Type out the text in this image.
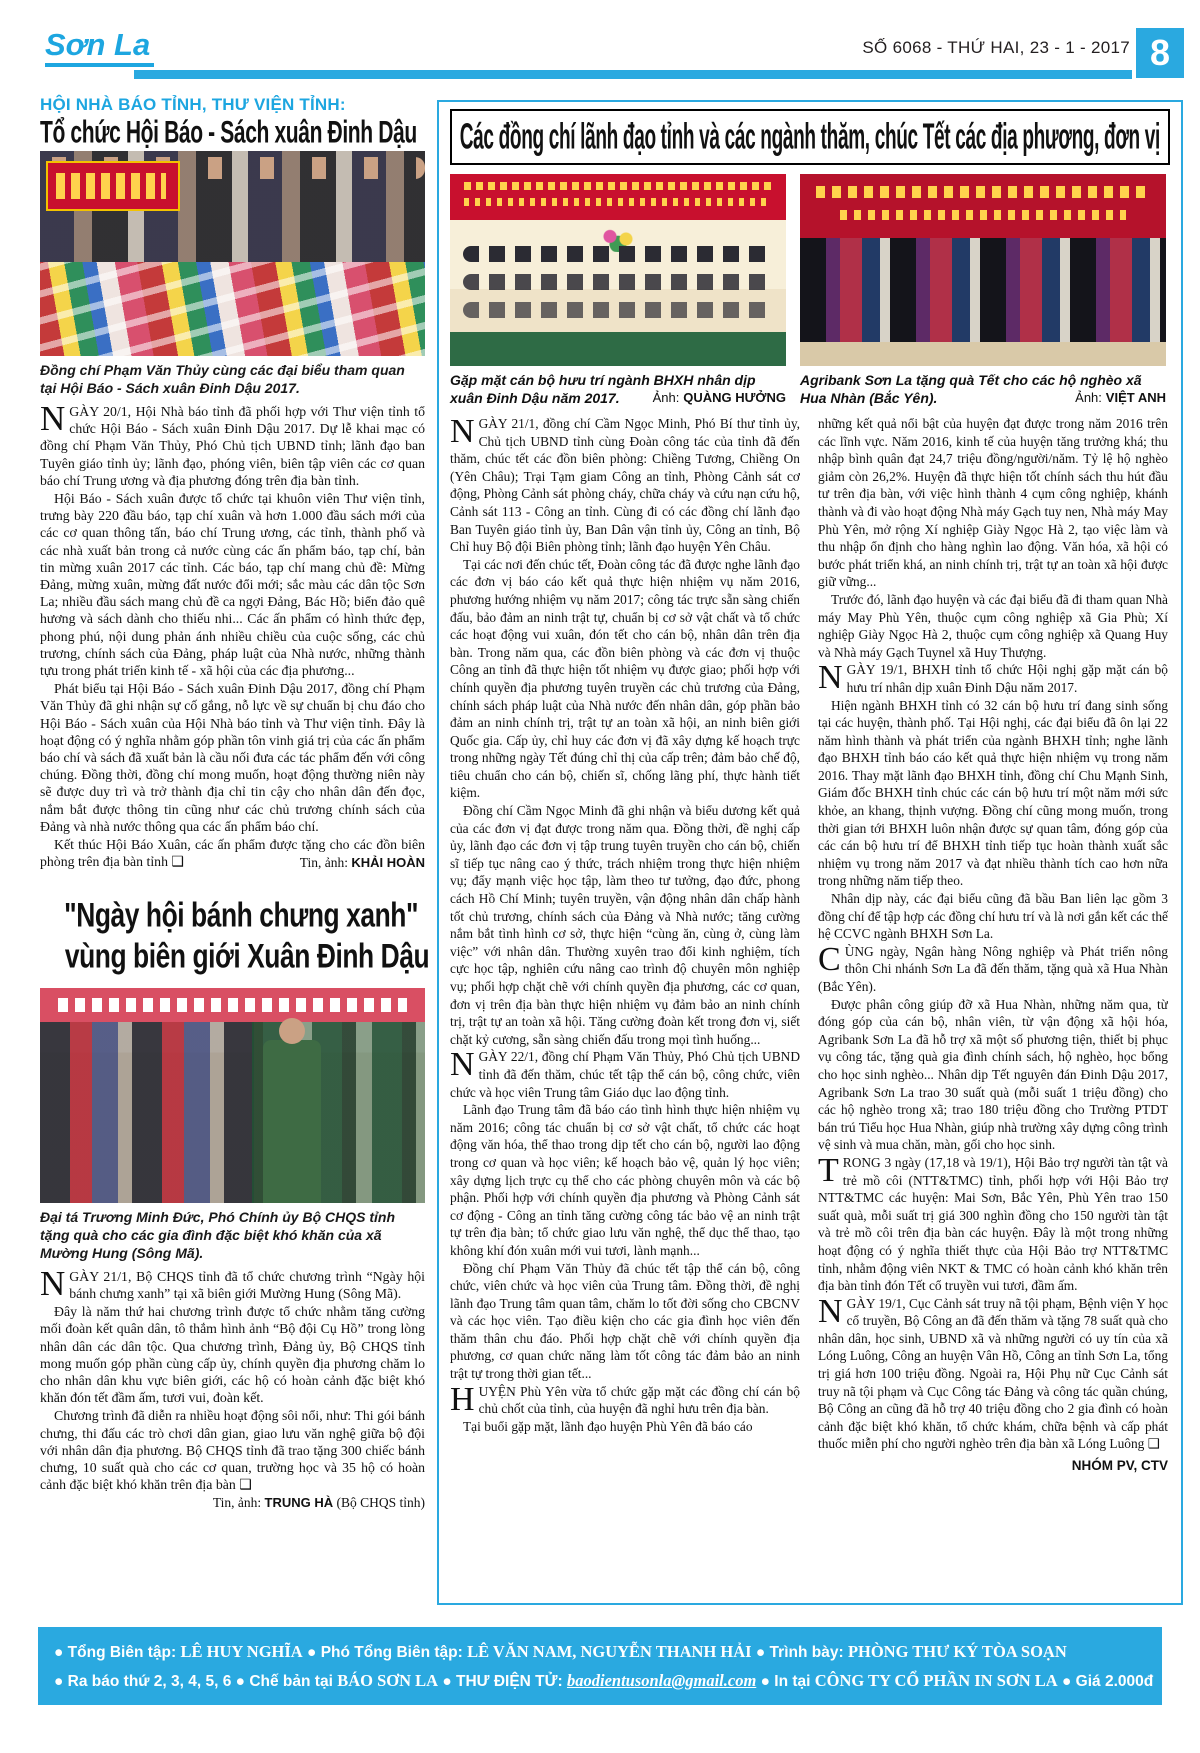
Sơn La	SỐ 6068 - THỨ HAI, 23 - 1 - 2017 8
HỘI NHÀ BÁO TỈNH, THƯ VIỆN TỈNH:
Tổ chức Hội Báo - Sách xuân Đinh Dậu
Đồng chí Phạm Văn Thủy cùng các đại biểu tham quan tại Hội Báo - Sách xuân Đinh Dậu 2017.

NGÀY 20/1, Hội Nhà báo tỉnh đã phối hợp với Thư viện tỉnh tổ chức Hội Báo - Sách xuân Đinh Dậu 2017. Dự lễ khai mạc có đồng chí Phạm Văn Thủy, Phó Chủ tịch UBND tỉnh; lãnh đạo ban Tuyên giáo tỉnh ủy; lãnh đạo, phóng viên, biên tập viên các cơ quan báo chí Trung ương và địa phương đóng trên địa bàn tỉnh.

Hội Báo - Sách xuân được tổ chức tại khuôn viên Thư viện tỉnh, trưng bày 220 đầu báo, tạp chí xuân và hơn 1.000 đầu sách mới của các cơ quan thông tấn, báo chí Trung ương, các tỉnh, thành phố và các nhà xuất bản trong cả nước cùng các ấn phẩm báo, tạp chí, bản tin mừng xuân 2017 các tỉnh. Các báo, tạp chí mang chủ đề: Mừng Đảng, mừng xuân, mừng đất nước đổi mới; sắc màu các dân tộc Sơn La; nhiều đầu sách mang chủ đề ca ngợi Đảng, Bác Hồ; biển đảo quê hương và sách dành cho thiếu nhi... Các ấn phẩm có hình thức đẹp, phong phú, nội dung phản ánh nhiều chiều của cuộc sống, các chủ trương, chính sách của Đảng, pháp luật của Nhà nước, những thành tựu trong phát triển kinh tế - xã hội của các địa phương...

Phát biểu tại Hội Báo - Sách xuân Đinh Dậu 2017, đồng chí Phạm Văn Thủy đã ghi nhận sự cố gắng, nỗ lực về sự chuẩn bị chu đáo cho Hội Báo - Sách xuân của Hội Nhà báo tỉnh và Thư viện tỉnh. Đây là hoạt động có ý nghĩa nhằm góp phần tôn vinh giá trị của các ấn phẩm báo chí và sách đã xuất bản là cầu nối đưa các tác phẩm đến với công chúng. Đồng thời, đồng chí mong muốn, hoạt động thường niên này sẽ được duy trì và trở thành địa chỉ tin cậy cho nhân dân đến đọc, nắm bắt được thông tin cũng như các chủ trương chính sách của Đảng và nhà nước thông qua các ấn phẩm báo chí.

Kết thúc Hội Báo Xuân, các ấn phẩm được tặng cho các đồn biên phòng trên địa bàn tỉnh ❑	Tin, ảnh: KHẢI HOÀN
"Ngày hội bánh chưng xanh"
vùng biên giới Xuân Đinh Dậu
Đại tá Trương Minh Đức, Phó Chính ủy Bộ CHQS tỉnh tặng quà cho các gia đình đặc biệt khó khăn của xã Mường Hung (Sông Mã).

NGÀY 21/1, Bộ CHQS tỉnh đã tổ chức chương trình “Ngày hội bánh chưng xanh” tại xã biên giới Mường Hung (Sông Mã).

Đây là năm thứ hai chương trình được tổ chức nhằm tăng cường mối đoàn kết quân dân, tô thắm hình ảnh “Bộ đội Cụ Hồ” trong lòng nhân dân các dân tộc. Qua chương trình, Đảng ủy, Bộ CHQS tỉnh mong muốn góp phần cùng cấp ủy, chính quyền địa phương chăm lo cho nhân dân khu vực biên giới, các hộ có hoàn cảnh đặc biệt khó khăn đón tết đầm ấm, tươi vui, đoàn kết.

Chương trình đã diễn ra nhiều hoạt động sôi nổi, như: Thi gói bánh chưng, thi đấu các trò chơi dân gian, giao lưu văn nghệ giữa bộ đội với nhân dân địa phương. Bộ CHQS tỉnh đã trao tặng 300 chiếc bánh chưng, 10 suất quà cho các cơ quan, trường học và 35 hộ có hoàn cảnh đặc biệt khó khăn trên địa bàn ❑

Tin, ảnh: TRUNG HÀ (Bộ CHQS tỉnh)
Các đồng chí lãnh đạo tỉnh và các ngành thăm, chúc Tết các địa phương, đơn vị
Gặp mặt cán bộ hưu trí ngành BHXH nhân dịp xuân Đinh Dậu năm 2017.	Ảnh: QUÀNG HƯỞNG
Agribank Sơn La tặng quà Tết cho các hộ nghèo xã Hua Nhàn (Bắc Yên).	Ảnh: VIỆT ANH

NGÀY 21/1, đồng chí Cầm Ngọc Minh, Phó Bí thư tỉnh ủy, Chủ tịch UBND tỉnh cùng Đoàn công tác của tỉnh đã đến thăm, chúc tết các đồn biên phòng: Chiềng Tương, Chiềng On (Yên Châu); Trại Tạm giam Công an tỉnh, Phòng Cảnh sát cơ động, Phòng Cảnh sát phòng cháy, chữa cháy và cứu nạn cứu hộ, Cảnh sát 113 - Công an tỉnh. Cùng đi có các đồng chí lãnh đạo Ban Tuyên giáo tỉnh ủy, Ban Dân vận tỉnh ủy, Công an tỉnh, Bộ Chỉ huy Bộ đội Biên phòng tỉnh; lãnh đạo huyện Yên Châu.

Tại các nơi đến chúc tết, Đoàn công tác đã được nghe lãnh đạo các đơn vị báo cáo kết quả thực hiện nhiệm vụ năm 2016, phương hướng nhiệm vụ năm 2017; công tác trực sẵn sàng chiến đấu, bảo đảm an ninh trật tự, chuẩn bị cơ sở vật chất và tổ chức các hoạt động vui xuân, đón tết cho cán bộ, nhân dân trên địa bàn. Trong năm qua, các đồn biên phòng và các đơn vị thuộc Công an tỉnh đã thực hiện tốt nhiệm vụ được giao; phối hợp với chính quyền địa phương tuyên truyền các chủ trương của Đảng, chính sách pháp luật của Nhà nước đến nhân dân, góp phần bảo đảm an ninh chính trị, trật tự an toàn xã hội, an ninh biên giới Quốc gia. Cấp ủy, chỉ huy các đơn vị đã xây dựng kế hoạch trực trong những ngày Tết đúng chỉ thị của cấp trên; đảm bảo chế độ, tiêu chuẩn cho cán bộ, chiến sĩ, chống lãng phí, thực hành tiết kiệm.

Đồng chí Cầm Ngọc Minh đã ghi nhận và biểu dương kết quả của các đơn vị đạt được trong năm qua. Đồng thời, đề nghị cấp ủy, lãnh đạo các đơn vị tập trung tuyên truyền cho cán bộ, chiến sĩ tiếp tục nâng cao ý thức, trách nhiệm trong thực hiện nhiệm vụ; đẩy mạnh việc học tập, làm theo tư tưởng, đạo đức, phong cách Hồ Chí Minh; tuyên truyền, vận động nhân dân chấp hành tốt chủ trương, chính sách của Đảng và Nhà nước; tăng cường nắm bắt tình hình cơ sở, thực hiện “cùng ăn, cùng ở, cùng làm việc” với nhân dân. Thường xuyên trao đổi kinh nghiệm, tích cực học tập, nghiên cứu nâng cao trình độ chuyên môn nghiệp vụ; phối hợp chặt chẽ với chính quyền địa phương, các cơ quan, đơn vị trên địa bàn thực hiện nhiệm vụ đảm bảo an ninh chính trị, trật tự an toàn xã hội. Tăng cường đoàn kết trong đơn vị, siết chặt kỷ cương, sẵn sàng chiến đấu trong mọi tình huống...

NGÀY 22/1, đồng chí Phạm Văn Thủy, Phó Chủ tịch UBND tỉnh đã đến thăm, chúc tết tập thể cán bộ, công chức, viên chức và học viên Trung tâm Giáo dục lao động tỉnh.

Lãnh đạo Trung tâm đã báo cáo tình hình thực hiện nhiệm vụ năm 2016; công tác chuẩn bị cơ sở vật chất, tổ chức các hoạt động văn hóa, thể thao trong dịp tết cho cán bộ, người lao động trong cơ quan và học viên; kế hoạch bảo vệ, quản lý học viên; xây dựng lịch trực cụ thể cho các phòng chuyên môn và các bộ phận. Phối hợp với chính quyền địa phương và Phòng Cảnh sát cơ động - Công an tỉnh tăng cường công tác bảo vệ an ninh trật tự trên địa bàn; tổ chức giao lưu văn nghệ, thể dục thể thao, tạo không khí đón xuân mới vui tươi, lành mạnh...

Đồng chí Phạm Văn Thủy đã chúc tết tập thể cán bộ, công chức, viên chức và học viên của Trung tâm. Đồng thời, đề nghị lãnh đạo Trung tâm quan tâm, chăm lo tốt đời sống cho CBCNV và các học viên. Tạo điều kiện cho các gia đình học viên đến thăm thân chu đáo. Phối hợp chặt chẽ với chính quyền địa phương, cơ quan chức năng làm tốt công tác đảm bảo an ninh trật tự trong thời gian tết...

HUYỆN Phù Yên vừa tổ chức gặp mặt các đồng chí cán bộ chủ chốt của tỉnh, của huyện đã nghỉ hưu trên địa bàn.

Tại buổi gặp mặt, lãnh đạo huyện Phù Yên đã báo cáo

những kết quả nổi bật của huyện đạt được trong năm 2016 trên các lĩnh vực. Năm 2016, kinh tế của huyện tăng trưởng khá; thu nhập bình quân đạt 24,7 triệu đồng/người/năm. Tỷ lệ hộ nghèo giảm còn 26,2%. Huyện đã thực hiện tốt chính sách thu hút đầu tư trên địa bàn, với việc hình thành 4 cụm công nghiệp, khánh thành và đi vào hoạt động Nhà máy Gạch tuy nen, Nhà máy May Phù Yên, mở rộng Xí nghiệp Giày Ngọc Hà 2, tạo việc làm và thu nhập ổn định cho hàng nghìn lao động. Văn hóa, xã hội có bước phát triển khá, an ninh chính trị, trật tự an toàn xã hội được giữ vững...

Trước đó, lãnh đạo huyện và các đại biểu đã đi tham quan Nhà máy May Phù Yên, thuộc cụm công nghiệp xã Gia Phù; Xí nghiệp Giày Ngọc Hà 2, thuộc cụm công nghiệp xã Quang Huy và Nhà máy Gạch Tuynel xã Huy Thượng.

NGÀY 19/1, BHXH tỉnh tổ chức Hội nghị gặp mặt cán bộ hưu trí nhân dịp xuân Đinh Dậu năm 2017.

Hiện ngành BHXH tỉnh có 32 cán bộ hưu trí đang sinh sống tại các huyện, thành phố. Tại Hội nghị, các đại biểu đã ôn lại 22 năm hình thành và phát triển của ngành BHXH tỉnh; nghe lãnh đạo BHXH tỉnh báo cáo kết quả thực hiện nhiệm vụ trong năm 2016. Thay mặt lãnh đạo BHXH tỉnh, đồng chí Chu Mạnh Sinh, Giám đốc BHXH tỉnh chúc các cán bộ hưu trí một năm mới sức khỏe, an khang, thịnh vượng. Đồng chí cũng mong muốn, trong thời gian tới BHXH luôn nhận được sự quan tâm, đóng góp của các cán bộ hưu trí để BHXH tỉnh tiếp tục hoàn thành xuất sắc nhiệm vụ trong năm 2017 và đạt nhiều thành tích cao hơn nữa trong những năm tiếp theo.

Nhân dịp này, các đại biểu cũng đã bầu Ban liên lạc gồm 3 đồng chí để tập hợp các đồng chí hưu trí và là nơi gắn kết các thế hệ CCVC ngành BHXH Sơn La.

CÙNG ngày, Ngân hàng Nông nghiệp và Phát triển nông thôn Chi nhánh Sơn La đã đến thăm, tặng quà xã Hua Nhàn (Bắc Yên).

Được phân công giúp đỡ xã Hua Nhàn, những năm qua, từ đóng góp của cán bộ, nhân viên, từ vận động xã hội hóa, Agribank Sơn La đã hỗ trợ xã một số phương tiện, thiết bị phục vụ công tác, tặng quà gia đình chính sách, hộ nghèo, học bổng cho học sinh nghèo... Nhân dịp Tết nguyên đán Đinh Dậu 2017, Agribank Sơn La trao 30 suất quà (mỗi suất 1 triệu đồng) cho các hộ nghèo trong xã; trao 180 triệu đồng cho Trường PTDT bán trú Tiểu học Hua Nhàn, giúp nhà trường xây dựng công trình vệ sinh và mua chăn, màn, gối cho học sinh.

TRONG 3 ngày (17,18 và 19/1), Hội Bảo trợ người tàn tật và trẻ mồ côi (NTT&TMC) tỉnh, phối hợp với Hội Bảo trợ NTT&TMC các huyện: Mai Sơn, Bắc Yên, Phù Yên trao 150 suất quà, mỗi suất trị giá 300 nghìn đồng cho 150 người tàn tật và trẻ mồ côi trên địa bàn các huyện. Đây là một trong những hoạt động có ý nghĩa thiết thực của Hội Bảo trợ NTT&TMC tỉnh, nhằm động viên NKT & TMC có hoàn cảnh khó khăn trên địa bàn tỉnh đón Tết cổ truyền vui tươi, đầm ấm.

NGÀY 19/1, Cục Cảnh sát truy nã tội phạm, Bệnh viện Y học cổ truyền, Bộ Công an đã đến thăm và tặng 78 suất quà cho nhân dân, học sinh, UBND xã và những người có uy tín của xã Lóng Luông, Công an huyện Vân Hồ, Công an tỉnh Sơn La, tổng trị giá hơn 100 triệu đồng. Ngoài ra, Hội Phụ nữ Cục Cảnh sát truy nã tội phạm và Cục Công tác Đảng và công tác quần chúng, Bộ Công an cũng đã hỗ trợ 40 triệu đồng cho 2 gia đình có hoàn cảnh đặc biệt khó khăn, tổ chức khám, chữa bệnh và cấp phát thuốc miễn phí cho người nghèo trên địa bàn xã Lóng Luông ❑

NHÓM PV, CTV
● Tổng Biên tập: LÊ HUY NGHĨA ● Phó Tổng Biên tập: LÊ VĂN NAM, NGUYỄN THANH HẢI ● Trình bày: PHÒNG THƯ KÝ TÒA SOẠN
● Ra báo thứ 2, 3, 4, 5, 6 ● Chế bản tại BÁO SƠN LA ● THƯ ĐIỆN TỬ: baodientusonla@gmail.com ● In tại CÔNG TY CỔ PHẦN IN SƠN LA ● Giá 2.000đ
